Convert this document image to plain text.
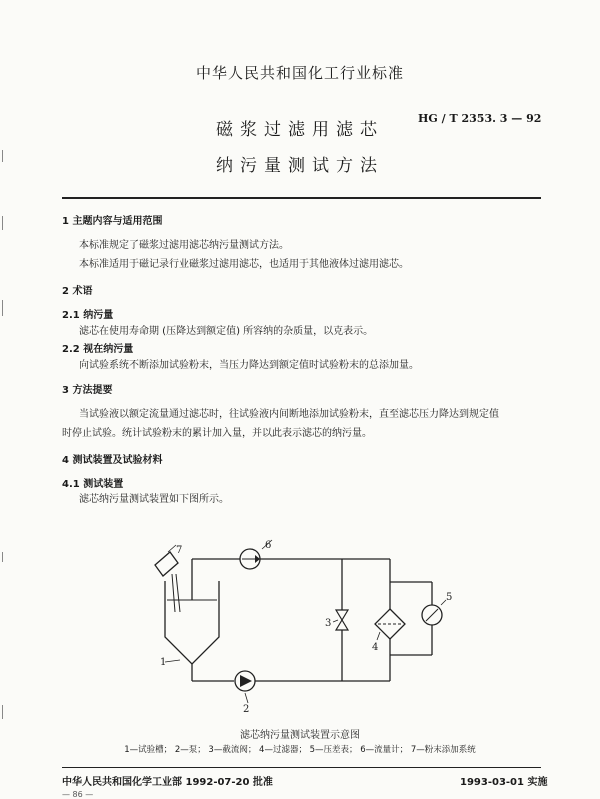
中华人民共和国化工行业标准
磁浆过滤用滤芯
HG / T 2353. 3 — 92
纳污量测试方法
1 主题内容与适用范围
本标准规定了磁浆过滤用滤芯纳污量测试方法。
本标准适用于磁记录行业磁浆过滤用滤芯，也适用于其他液体过滤用滤芯。
2 术语
2.1 纳污量
滤芯在使用寿命期 (压降达到额定值) 所容纳的杂质量，以克表示。
2.2 视在纳污量
向试验系统不断添加试验粉末，当压力降达到额定值时试验粉末的总添加量。
3 方法提要
当试验液以额定流量通过滤芯时，往试验液内间断地添加试验粉末，直至滤芯压力降达到规定值
时停止试验。统计试验粉末的累计加入量，并以此表示滤芯的纳污量。
4 测试装置及试验材料
4.1 测试装置
滤芯纳污量测试装置如下图所示。
1
2
3
4
5
6
7
滤芯纳污量测试装置示意图
1—试验槽； 2—泵； 3—截流阀； 4—过滤器； 5—压差表； 6—流量计； 7—粉末添加系统
中华人民共和国化学工业部 1992-07-20 批准	1993-03-01 实施
— 86 —
